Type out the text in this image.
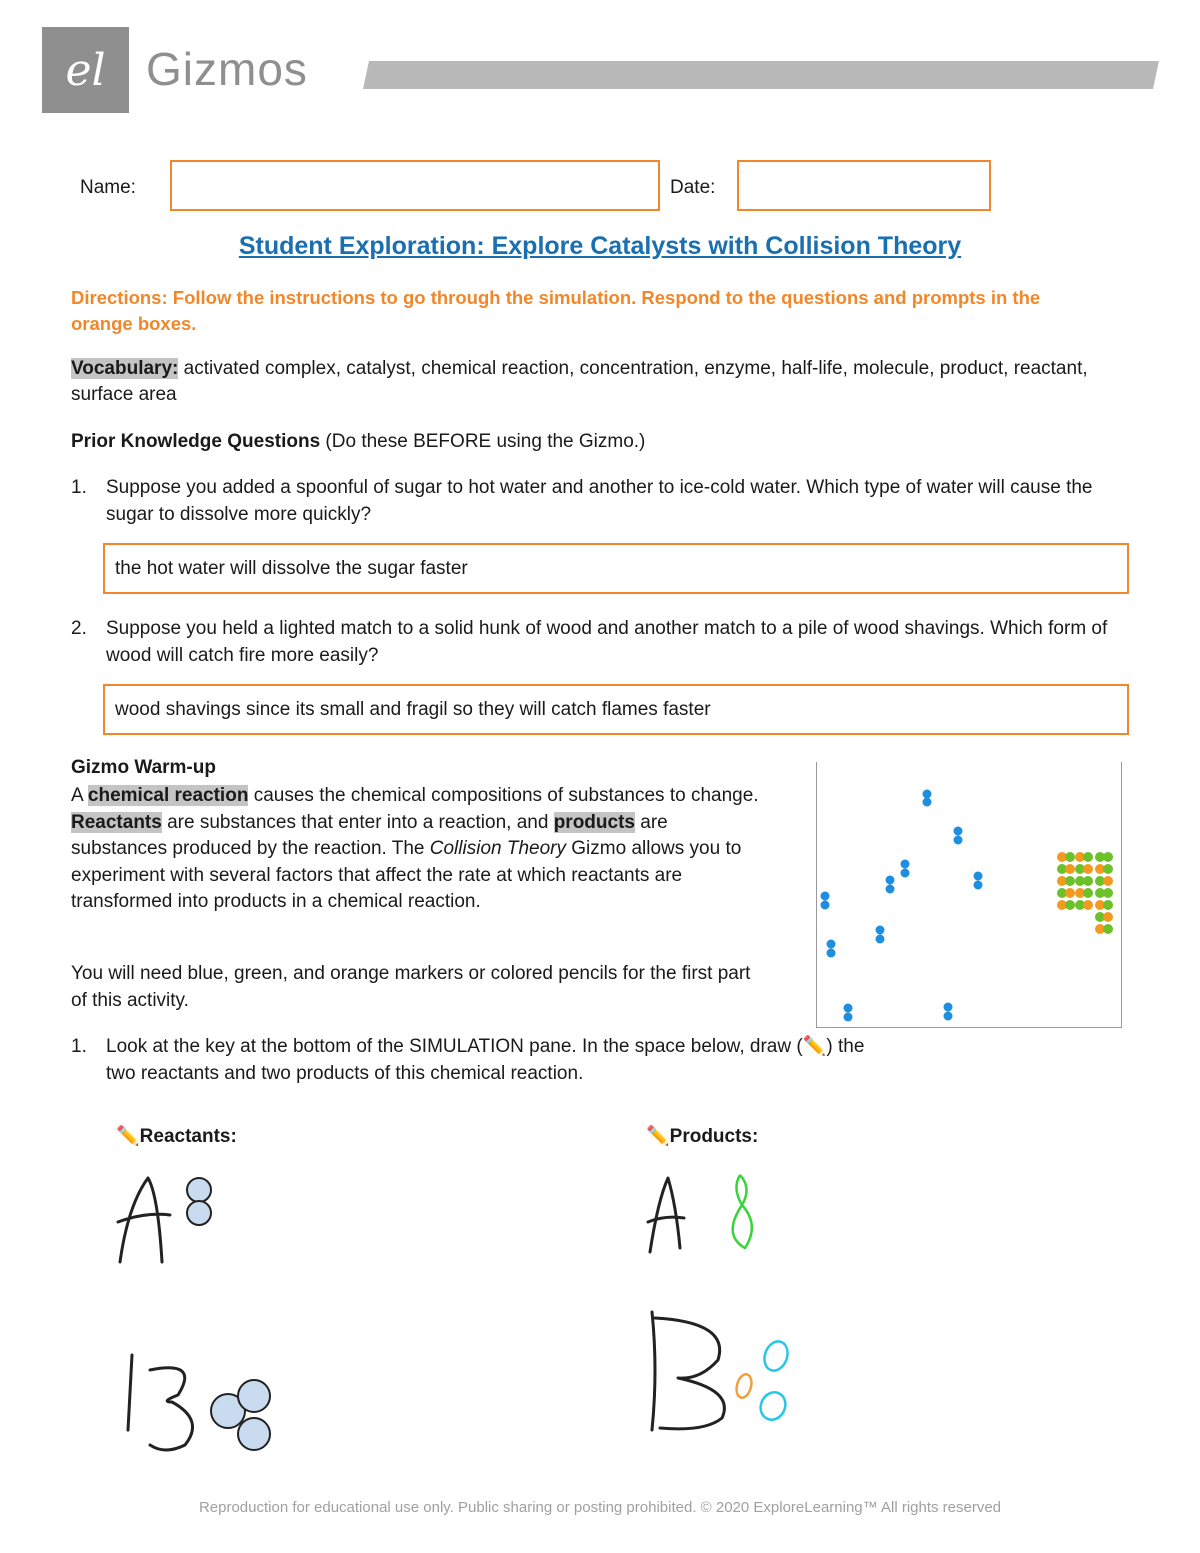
el Gizmos
Name:	Date:
Student Exploration: Explore Catalysts with Collision Theory
Directions: Follow the instructions to go through the simulation. Respond to the questions and prompts in the orange boxes.
Vocabulary: activated complex, catalyst, chemical reaction, concentration, enzyme, half-life, molecule, product, reactant, surface area
Prior Knowledge Questions (Do these BEFORE using the Gizmo.)
1. Suppose you added a spoonful of sugar to hot water and another to ice-cold water. Which type of water will cause the sugar to dissolve more quickly?
the hot water will dissolve the sugar faster
2. Suppose you held a lighted match to a solid hunk of wood and another match to a pile of wood shavings. Which form of wood will catch fire more easily?
wood shavings since its small and fragil so they will catch flames faster
Gizmo Warm-up
A chemical reaction causes the chemical compositions of substances to change. Reactants are substances that enter into a reaction, and products are substances produced by the reaction. The Collision Theory Gizmo allows you to experiment with several factors that affect the rate at which reactants are transformed into products in a chemical reaction.
You will need blue, green, and orange markers or colored pencils for the first part of this activity.
1. Look at the key at the bottom of the SIMULATION pane. In the space below, draw (✏️) the two reactants and two products of this chemical reaction.
✏️Reactants:	✏️Products:
Reproduction for educational use only. Public sharing or posting prohibited. © 2020 ExploreLearning™ All rights reserved
